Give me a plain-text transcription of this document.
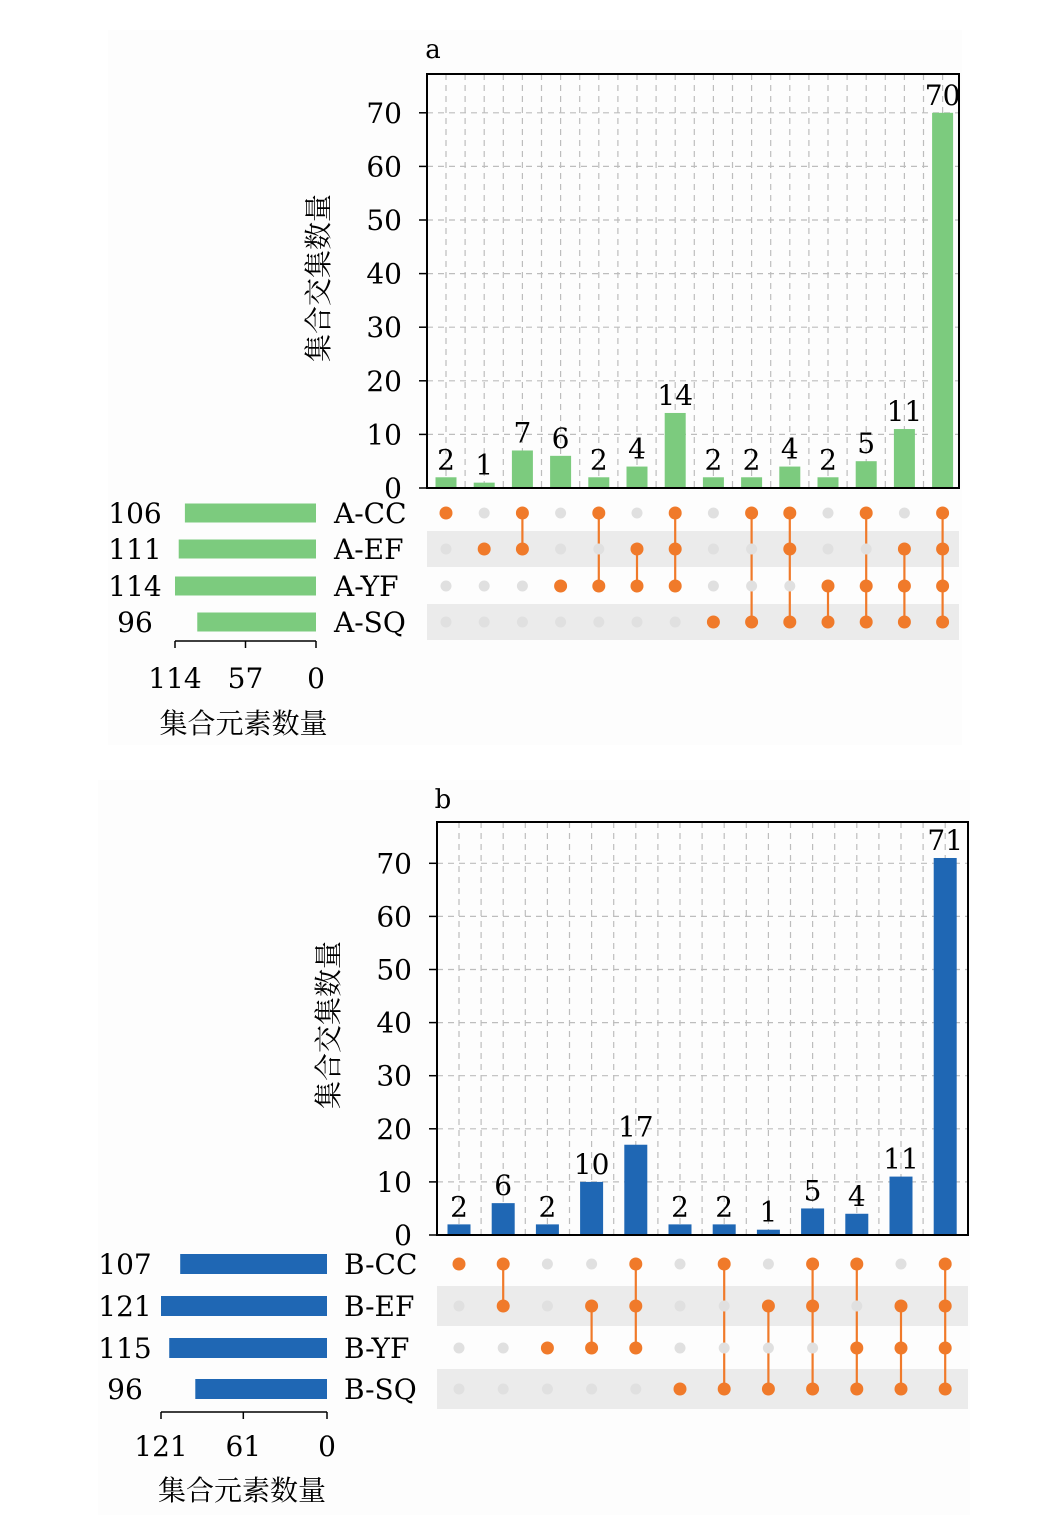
a
集合交集数量
0
10
20
30
40
50
60
70
2 1
7 6
2 4
14
2 2 4 2 5
11
70
106	A-CC
111	A-EF
114	A-YF
96	A-SQ
114 57 0
集合元素数量
b
集合交集数量
0
10
20
30
40
50
60
70
2
6
2
10
17
2 2 1
5 4
11
71
107	B-CC
121	B-EF
115	B-YF
96	B-SQ
121 61 0
集合元素数量
